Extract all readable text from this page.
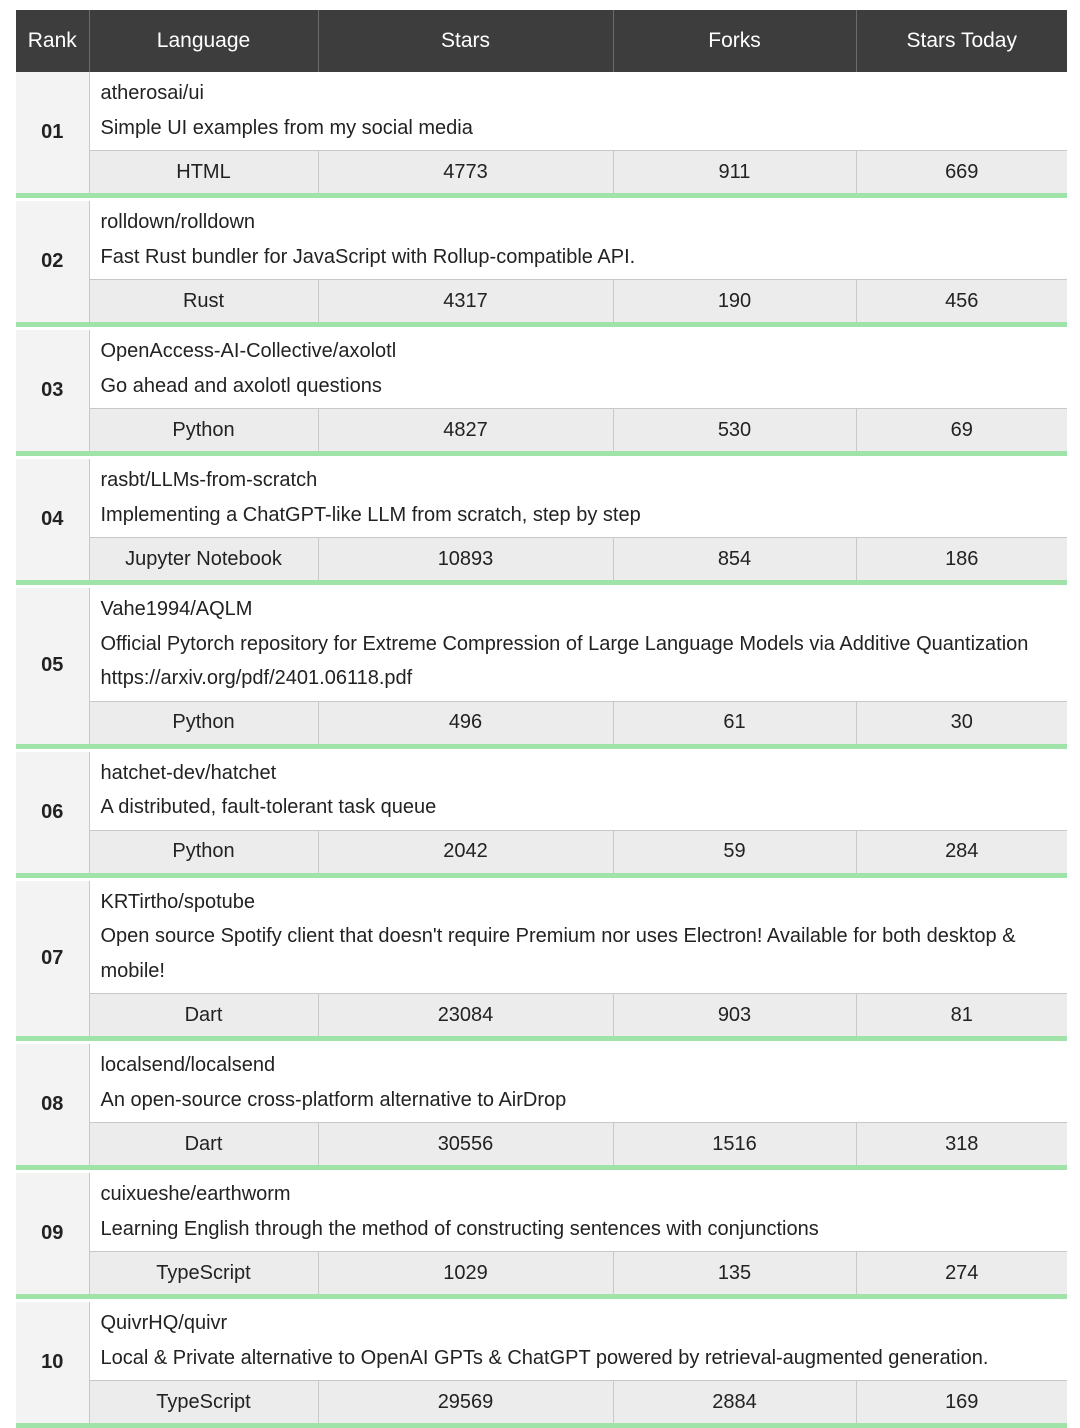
Rank	Language	Stars	Forks	Stars Today
01	atherosai/ui
Simple UI examples from my social media			

	HTML	4773	911	669

02	rolldown/rolldown
Fast Rust bundler for JavaScript with Rollup-compatible API.			

	Rust	4317	190	456

03	OpenAccess-AI-Collective/axolotl
Go ahead and axolotl questions			

	Python	4827	530	69

04	rasbt/LLMs-from-scratch
Implementing a ChatGPT-like LLM from scratch, step by step			

	Jupyter Notebook	10893	854	186

05	Vahe1994/AQLM
Official Pytorch repository for Extreme Compression of Large Language Models via Additive Quantization https://arxiv.org/pdf/2401.06118.pdf			

	Python	496	61	30

06	hatchet-dev/hatchet
A distributed, fault-tolerant task queue			

	Python	2042	59	284

07	KRTirtho/spotube
Open source Spotify client that doesn't require Premium nor uses Electron! Available for both desktop & mobile!			

	Dart	23084	903	81

08	localsend/localsend
An open-source cross-platform alternative to AirDrop			

	Dart	30556	1516	318

09	cuixueshe/earthworm
Learning English through the method of constructing sentences with conjunctions			

	TypeScript	1029	135	274

10	QuivrHQ/quivr
Local & Private alternative to OpenAI GPTs & ChatGPT powered by retrieval-augmented generation.			

	TypeScript	29569	2884	169
